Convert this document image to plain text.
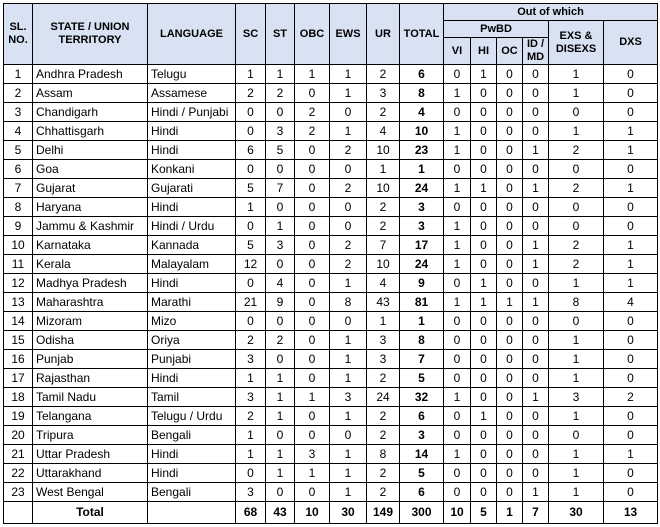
SL. NO.	STATE / UNION TERRITORY	LANGUAGE	SC	ST	OBC	EWS	UR	TOTAL	Out of which					
									PwBD				EXS & DISEXS	DXS
									VI	HI	OC	ID / MD		
1	Andhra Pradesh	Telugu	1	1	1	1	2	6	0	1	0	0	1	0
2	Assam	Assamese	2	2	0	1	3	8	1	0	0	0	1	0
3	Chandigarh	Hindi / Punjabi	0	0	2	0	2	4	0	0	0	0	0	0
4	Chhattisgarh	Hindi	0	3	2	1	4	10	1	0	0	0	1	1
5	Delhi	Hindi	6	5	0	2	10	23	1	0	0	1	2	1
6	Goa	Konkani	0	0	0	0	1	1	0	0	0	0	0	0
7	Gujarat	Gujarati	5	7	0	2	10	24	1	1	0	1	2	1
8	Haryana	Hindi	1	0	0	0	2	3	0	0	0	0	0	0
9	Jammu & Kashmir	Hindi / Urdu	0	1	0	0	2	3	1	0	0	0	0	0
10	Karnataka	Kannada	5	3	0	2	7	17	1	0	0	1	2	1
11	Kerala	Malayalam	12	0	0	2	10	24	1	0	0	1	2	1
12	Madhya Pradesh	Hindi	0	4	0	1	4	9	0	1	0	0	1	1
13	Maharashtra	Marathi	21	9	0	8	43	81	1	1	1	1	8	4
14	Mizoram	Mizo	0	0	0	0	1	1	0	0	0	0	0	0
15	Odisha	Oriya	2	2	0	1	3	8	0	0	0	0	1	0
16	Punjab	Punjabi	3	0	0	1	3	7	0	0	0	0	1	0
17	Rajasthan	Hindi	1	1	0	1	2	5	0	0	0	0	1	0
18	Tamil Nadu	Tamil	3	1	1	3	24	32	1	0	0	1	3	2
19	Telangana	Telugu / Urdu	2	1	0	1	2	6	0	1	0	0	1	0
20	Tripura	Bengali	1	0	0	0	2	3	0	0	0	0	0	0
21	Uttar Pradesh	Hindi	1	1	3	1	8	14	1	0	0	0	1	1
22	Uttarakhand	Hindi	0	1	1	1	2	5	0	0	0	0	1	0
23	West Bengal	Bengali	3	0	0	1	2	6	0	0	0	1	1	0
	Total		68	43	10	30	149	300	10	5	1	7	30	13
